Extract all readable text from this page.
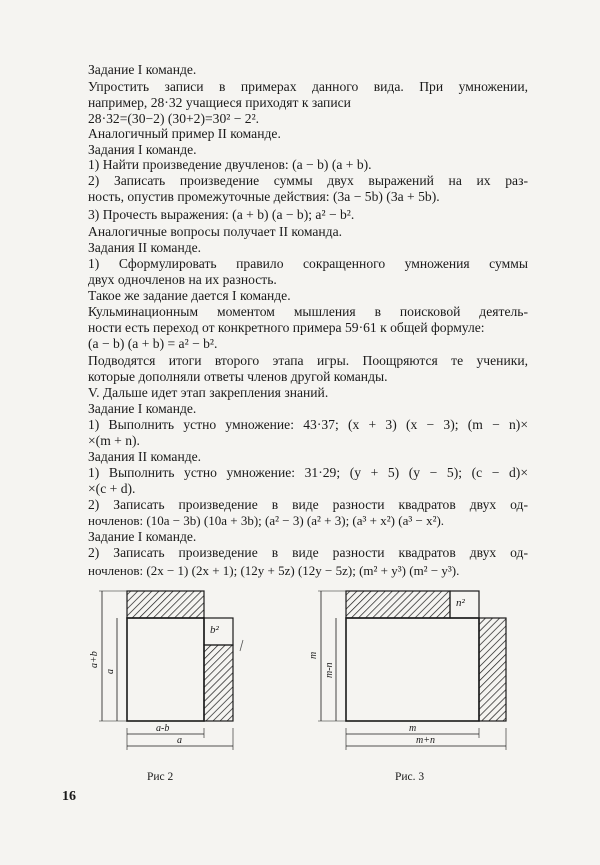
Задание I команде.
Упростить записи в примерах данного вида. При умножении,
например, 28·32 учащиеся приходят к записи
28·32=(30−2) (30+2)=30² − 2².
Аналогичный пример II команде.
Задания I команде.
1) Найти произведение двучленов: (a − b) (a + b).
2) Записать произведение суммы двух выражений на их раз-
ность, опустив промежуточные действия: (3a − 5b) (3a + 5b).
3) Прочесть выражения: (a + b) (a − b); a² − b².
Аналогичные вопросы получает II команда.
Задания II команде.
1) Сформулировать правило сокращенного умножения суммы
двух одночленов на их разность.
Такое же задание дается I команде.
Кульминационным моментом мышления в поисковой деятель-
ности есть переход от конкретного примера 59·61 к общей формуле:
(a − b) (a + b) = a² − b².
Подводятся итоги второго этапа игры. Поощряются те ученики,
которые дополняли ответы членов другой команды.
V. Дальше идет этап закрепления знаний.
Задание I команде.
1) Выполнить устно умножение: 43·37; (x + 3) (x − 3); (m − n)×
×(m + n).
Задания II команде.
1) Выполнить устно умножение: 31·29; (y + 5) (y − 5); (c − d)×
×(c + d).
2) Записать произведение в виде разности квадратов двух од-
ночленов: (10a − 3b) (10a + 3b); (a² − 3) (a² + 3); (a³ + x²) (a³ − x²).
Задание I команде.
2) Записать произведение в виде разности квадратов двух од-
ночленов: (2x − 1) (2x + 1); (12y + 5z) (12y − 5z); (m² + y³) (m² − y³).
b²
a+b
a
a-b
a
n²
m
m-n
m
m+n
Рис 2	Рис. 3
16
